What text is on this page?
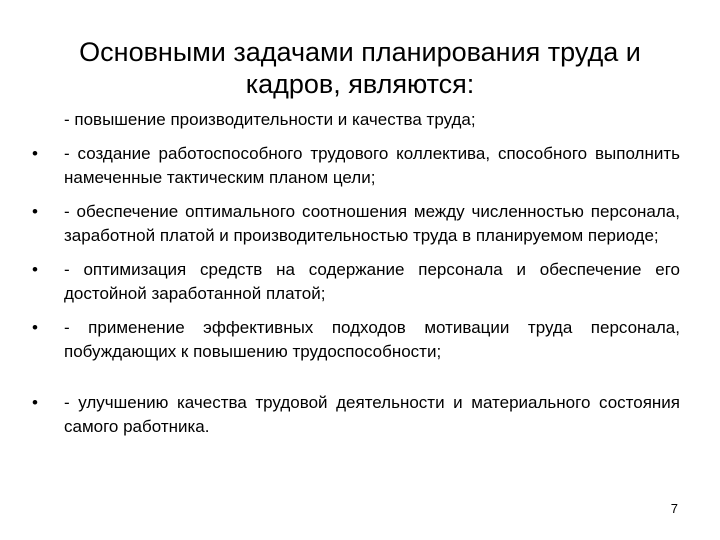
Основными задачами планирования труда и кадров, являются:
- повышение производительности и качества труда;
• - создание работоспособного трудового коллектива, способного выполнить намеченные тактическим планом цели;
• - обеспечение оптимального соотношения между численностью персонала, заработной платой и производительностью труда в планируемом периоде;
• - оптимизация средств на содержание персонала и обеспечение его достойной заработанной платой;
• - применение эффективных подходов мотивации труда персонала, побуждающих к повышению трудоспособности;
• - улучшению качества трудовой деятельности и материального состояния самого работника.
7
